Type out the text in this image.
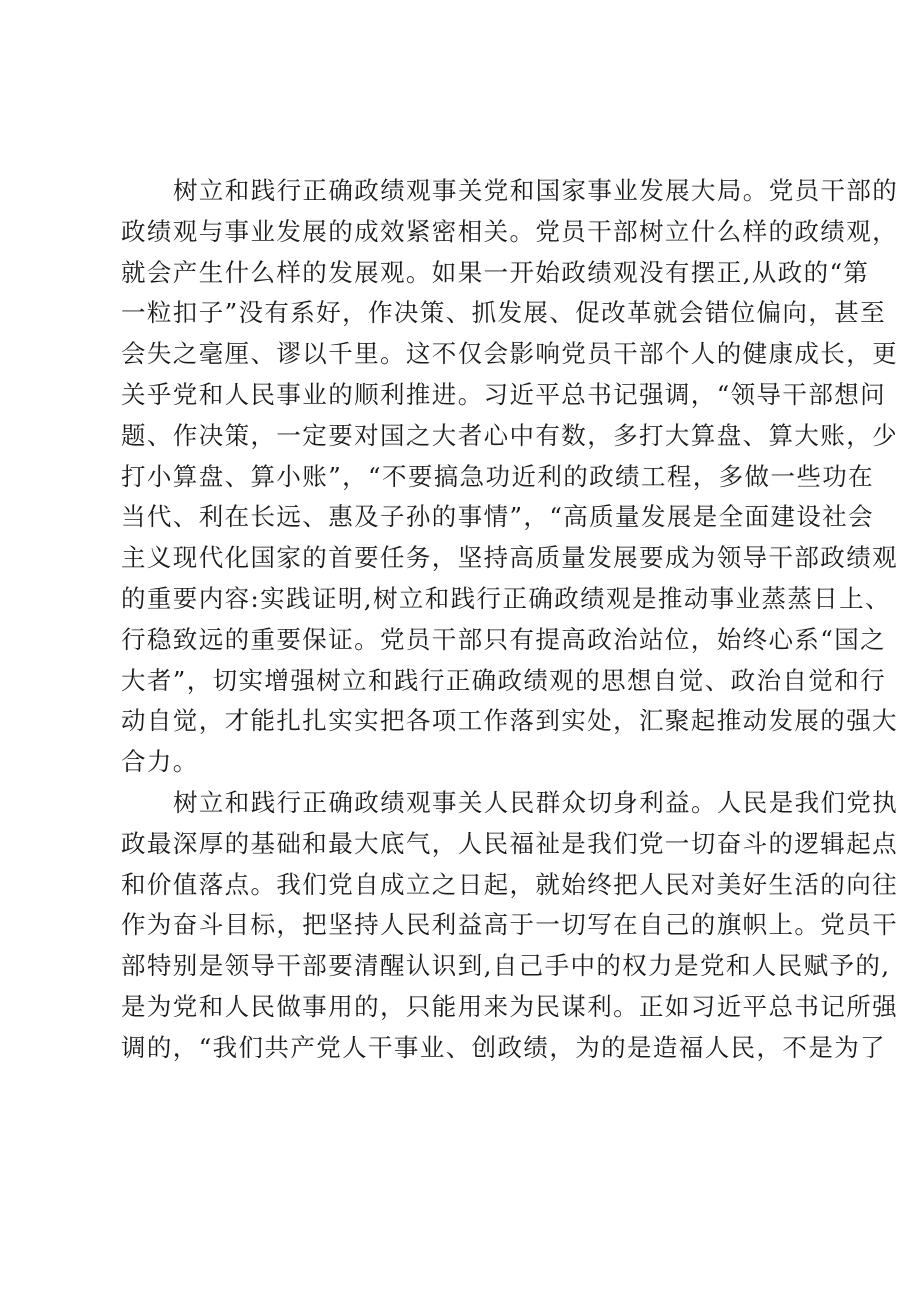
树立和践行正确政绩观事关党和国家事业发展大局。党员干部的
政绩观与事业发展的成效紧密相关。党员干部树立什么样的政绩观，
就会产生什么样的发展观。如果一开始政绩观没有摆正,从政的“第
一粒扣子”没有系好，作决策、抓发展、促改革就会错位偏向，甚至
会失之毫厘、谬以千里。这不仅会影响党员干部个人的健康成长，更
关乎党和人民事业的顺利推进。习近平总书记强调，“领导干部想问
题、作决策，一定要对国之大者心中有数，多打大算盘、算大账，少
打小算盘、算小账”，“不要搞急功近利的政绩工程，多做一些功在
当代、利在长远、惠及子孙的事情”，“高质量发展是全面建设社会
主义现代化国家的首要任务，坚持高质量发展要成为领导干部政绩观
的重要内容:实践证明,树立和践行正确政绩观是推动事业蒸蒸日上、
行稳致远的重要保证。党员干部只有提高政治站位，始终心系“国之
大者”，切实增强树立和践行正确政绩观的思想自觉、政治自觉和行
动自觉，才能扎扎实实把各项工作落到实处，汇聚起推动发展的强大
合力。
树立和践行正确政绩观事关人民群众切身利益。人民是我们党执
政最深厚的基础和最大底气，人民福祉是我们党一切奋斗的逻辑起点
和价值落点。我们党自成立之日起，就始终把人民对美好生活的向往
作为奋斗目标，把坚持人民利益高于一切写在自己的旗帜上。党员干
部特别是领导干部要清醒认识到,自己手中的权力是党和人民赋予的,
是为党和人民做事用的，只能用来为民谋利。正如习近平总书记所强
调的，“我们共产党人干事业、创政绩，为的是造福人民，不是为了
